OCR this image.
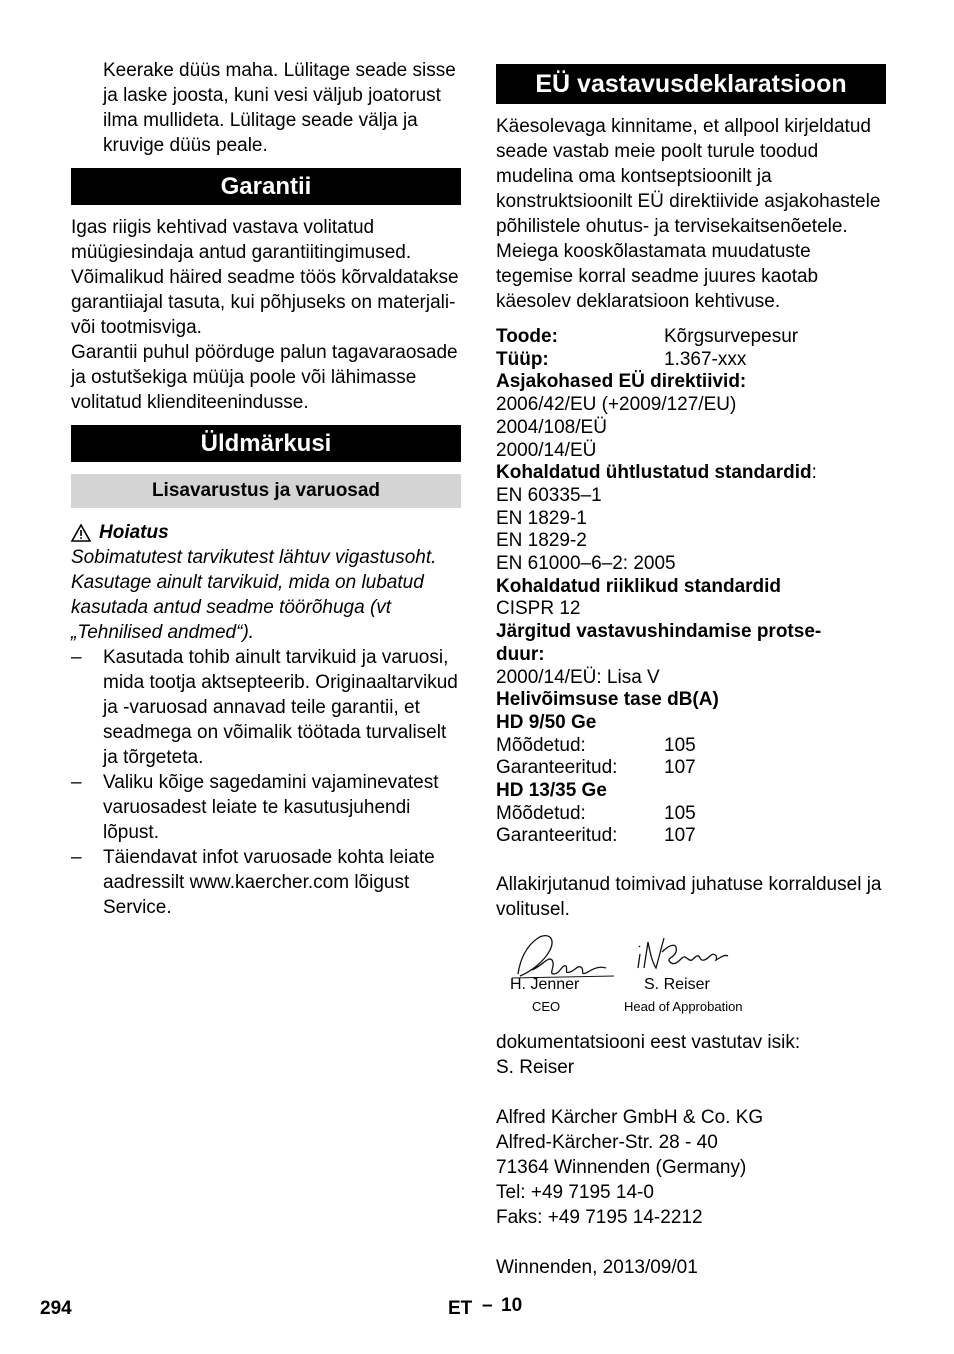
Keerake düüs maha. Lülitage seade sisse ja laske joosta, kuni vesi väljub joatorust ilma mullideta. Lülitage seade välja ja kruvige düüs peale.

Garantii

Igas riigis kehtivad vastava volitatud müügiesindaja antud garantiitingimused. Võimalikud häired seadme töös kõrvaldatakse garantiiajal tasuta, kui põhjuseks on materjali- või tootmisviga.

Garantii puhul pöörduge palun tagavaraosade ja ostutšekiga müüja poole või lähimasse volitatud klienditeenindusse.

Üldmärkusi
Lisavarustus ja varuosad
Hoiatus

Sobimatutest tarvikutest lähtuv vigastusoht. Kasutage ainult tarvikuid, mida on lubatud kasutada antud seadme töörõhuga (vt „Tehnilised andmed“).

–	Kasutada tohib ainult tarvikuid ja varuosi, mida tootja aktsepteerib. Originaaltarvikud ja -varuosad annavad teile garantii, et seadmega on võimalik töötada turvaliselt ja tõrgeteta.
–	Valiku kõige sagedamini vajaminevatest varuosadest leiate te kasutusjuhendi lõpust.
–	Täiendavat infot varuosade kohta leiate aadressilt www.kaercher.com lõigust Service.
EÜ vastavusdeklaratsioon

Käesolevaga kinnitame, et allpool kirjeldatud seade vastab meie poolt turule toodud mudelina oma kontseptsioonilt ja konstruktsioonilt EÜ direktiivide asjakohastele põhilistele ohutus- ja tervisekaitsenõetele. Meiega kooskõlastamata muudatuste tegemise korral seadme juures kaotab käesolev deklaratsioon kehtivuse.

Toode:	Kõrgsurvepesur
Tüüp:	1.367-xxx
Asjakohased EÜ direktiivid:
2006/42/EU (+2009/127/EU)
2004/108/EÜ
2000/14/EÜ
Kohaldatud ühtlustatud standardid:
EN 60335–1
EN 1829-1
EN 1829-2
EN 61000–6–2: 2005
Kohaldatud riiklikud standardid
CISPR 12
Järgitud vastavushindamise protse-
duur:
2000/14/EÜ: Lisa V
Helivõimsuse tase dB(A)
HD 9/50 Ge
Mõõdetud:	105
Garanteeritud:	107
HD 13/35 Ge
Mõõdetud:	105
Garanteeritud:	107

Allakirjutanud toimivad juhatuse korraldusel ja volitusel.

H. Jenner
CEO
S. Reiser
Head of Approbation
dokumentatsiooni eest vastutav isik:
S. Reiser
Alfred Kärcher GmbH & Co. KG
Alfred-Kärcher-Str. 28 - 40
71364 Winnenden (Germany)
Tel: +49 7195 14-0
Faks: +49 7195 14-2212
Winnenden, 2013/09/01
294	ET – 10
